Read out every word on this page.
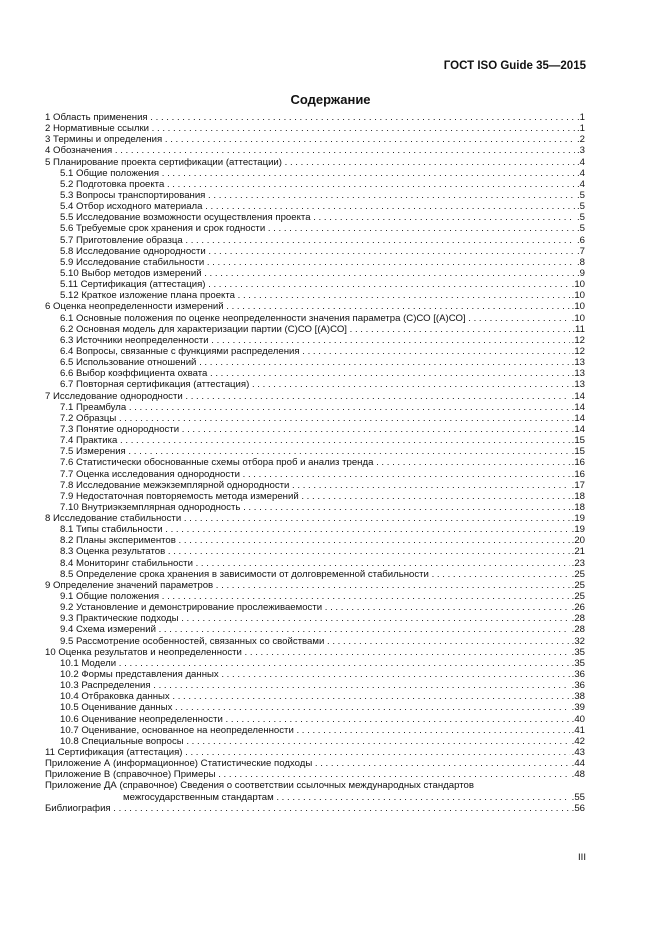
ГОСТ ISO Guide 35—2015
Содержание
1 Область применения . . .	.1
2 Нормативные ссылки . . .	.1
3 Термины и определения . . .	.2
4 Обозначения . . .	.3
5 Планирование проекта сертификации (аттестации) . . .	.4
5.1 Общие положения . . .	.4
5.2 Подготовка проекта . . .	.4
5.3 Вопросы транспортирования . . .	.5
5.4 Отбор исходного материала . . .	.5
5.5 Исследование возможности осуществления проекта . . .	.5
5.6 Требуемые срок хранения и срок годности . . .	.5
5.7 Приготовление образца . . .	.6
5.8 Исследование однородности . . .	.7
5.9 Исследование стабильности . . .	.8
5.10 Выбор методов измерений . . .	.9
5.11 Сертификация (аттестация) . . .	.10
5.12 Краткое изложение плана проекта . . .	.10
6 Оценка неопределенности измерений . . .	.10
6.1 Основные положения по оценке неопределенности значения параметра (С)СО [(А)СО] . . .	.10
6.2 Основная модель для характеризации партии (С)СО [(А)СО] . . .	.11
6.3 Источники неопределенности . . .	.12
6.4 Вопросы, связанные с функциями распределения . . .	.12
6.5 Использование отношений . . .	.13
6.6 Выбор коэффициента охвата . . .	.13
6.7 Повторная сертификация (аттестация) . . .	.13
7 Исследование однородности . . .	.14
7.1 Преамбула . . .	.14
7.2 Образцы . . .	.14
7.3 Понятие однородности . . .	.14
7.4 Практика . . .	.15
7.5 Измерения . . .	.15
7.6 Статистически обоснованные схемы отбора проб и анализ тренда . . .	.16
7.7 Оценка исследования однородности . . .	.16
7.8 Исследование межэкземплярной однородности . . .	.17
7.9 Недостаточная повторяемость метода измерений . . .	.18
7.10 Внутриэкземплярная однородность . . .	.18
8 Исследование стабильности . . .	.19
8.1 Типы стабильности . . .	.19
8.2 Планы экспериментов . . .	.20
8.3 Оценка результатов . . .	.21
8.4 Мониторинг стабильности . . .	.23
8.5 Определение срока хранения в зависимости от долговременной стабильности . . .	.25
9 Определение значений параметров . . .	.25
9.1 Общие положения . . .	.25
9.2 Установление и демонстрирование прослеживаемости . . .	.26
9.3 Практические подходы . . .	.28
9.4 Схема измерений . . .	.28
9.5 Рассмотрение особенностей, связанных со свойствами . . .	.32
10 Оценка результатов и неопределенности . . .	.35
10.1 Модели . . .	.35
10.2 Формы представления данных . . .	.36
10.3 Распределения . . .	.36
10.4 Отбраковка данных . . .	.38
10.5 Оценивание данных . . .	.39
10.6 Оценивание неопределенности . . .	.40
10.7 Оценивание, основанное на неопределенности . . .	.41
10.8 Специальные вопросы . . .	.42
11 Сертификация (аттестация) . . .	.43
Приложение А (информационное) Статистические подходы . . .	.44
Приложение В (справочное) Примеры . . .	.48
Приложение ДА (справочное) Сведения о соответствии ссылочных международных стандартов
межгосударственным стандартам . . .	.55
Библиография . . .	.56
III
